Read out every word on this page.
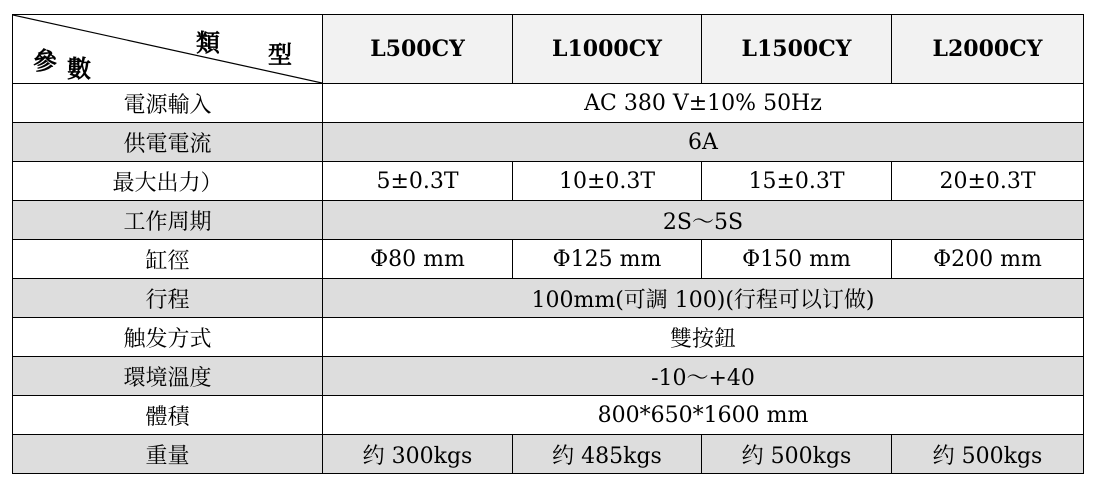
類 型
參 數	L500CY	L1000CY	L1500CY	L2000CY
電源輸入	AC 380 V±10% 50Hz			
供電電流	6A			
最大出力）	5±0.3T	10±0.3T	15±0.3T	20±0.3T
工作周期	2S～5S			
缸徑	Φ80 mm	Φ125 mm	Φ150 mm	Φ200 mm
行程	100mm(可調 100)(行程可以订做)			
触发方式	雙按鈕			
環境溫度	-10～+40			
體積	800*650*1600 mm			
重量	约 300kgs	约 485kgs	约 500kgs	约 500kgs
